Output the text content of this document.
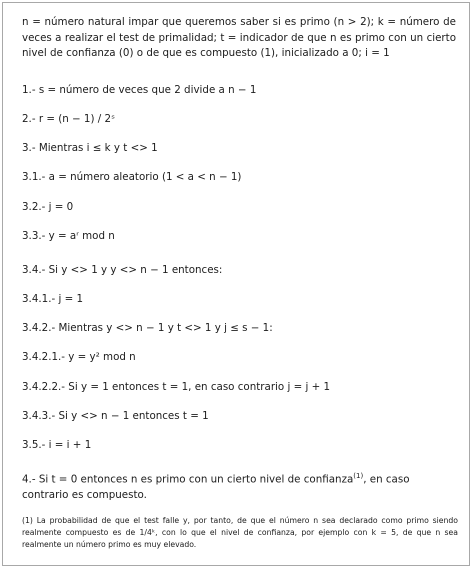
n = número natural impar que queremos saber si es primo (n > 2); k = número de veces a realizar el test de primalidad; t = indicador de que n es primo con un cierto nivel de confianza (0) o de que es compuesto (1), inicializado a 0; i = 1

1.- s = número de veces que 2 divide a n − 1
2.- r = (n − 1) / 2ˢ
3.- Mientras i ≤ k y t <> 1
3.1.- a = número aleatorio (1 < a < n − 1)
3.2.- j = 0
3.3.- y = aʳ mod n
3.4.- Si y <> 1 y y <> n − 1 entonces:
3.4.1.- j = 1
3.4.2.- Mientras y <> n − 1 y t <> 1 y j ≤ s − 1:
3.4.2.1.- y = y² mod n
3.4.2.2.- Si y = 1 entonces t = 1, en caso contrario j = j + 1
3.4.3.- Si y <> n − 1 entonces t = 1
3.5.- i = i + 1

4.- Si t = 0 entonces n es primo con un cierto nivel de confianza$^{(1)}$, en caso contrario es compuesto.

(1) La probabilidad de que el test falle y, por tanto, de que el número n sea declarado como primo siendo realmente compuesto es de 1/4ᵏ, con lo que el nivel de confianza, por ejemplo con k = 5, de que n sea realmente un número primo es muy elevado.
